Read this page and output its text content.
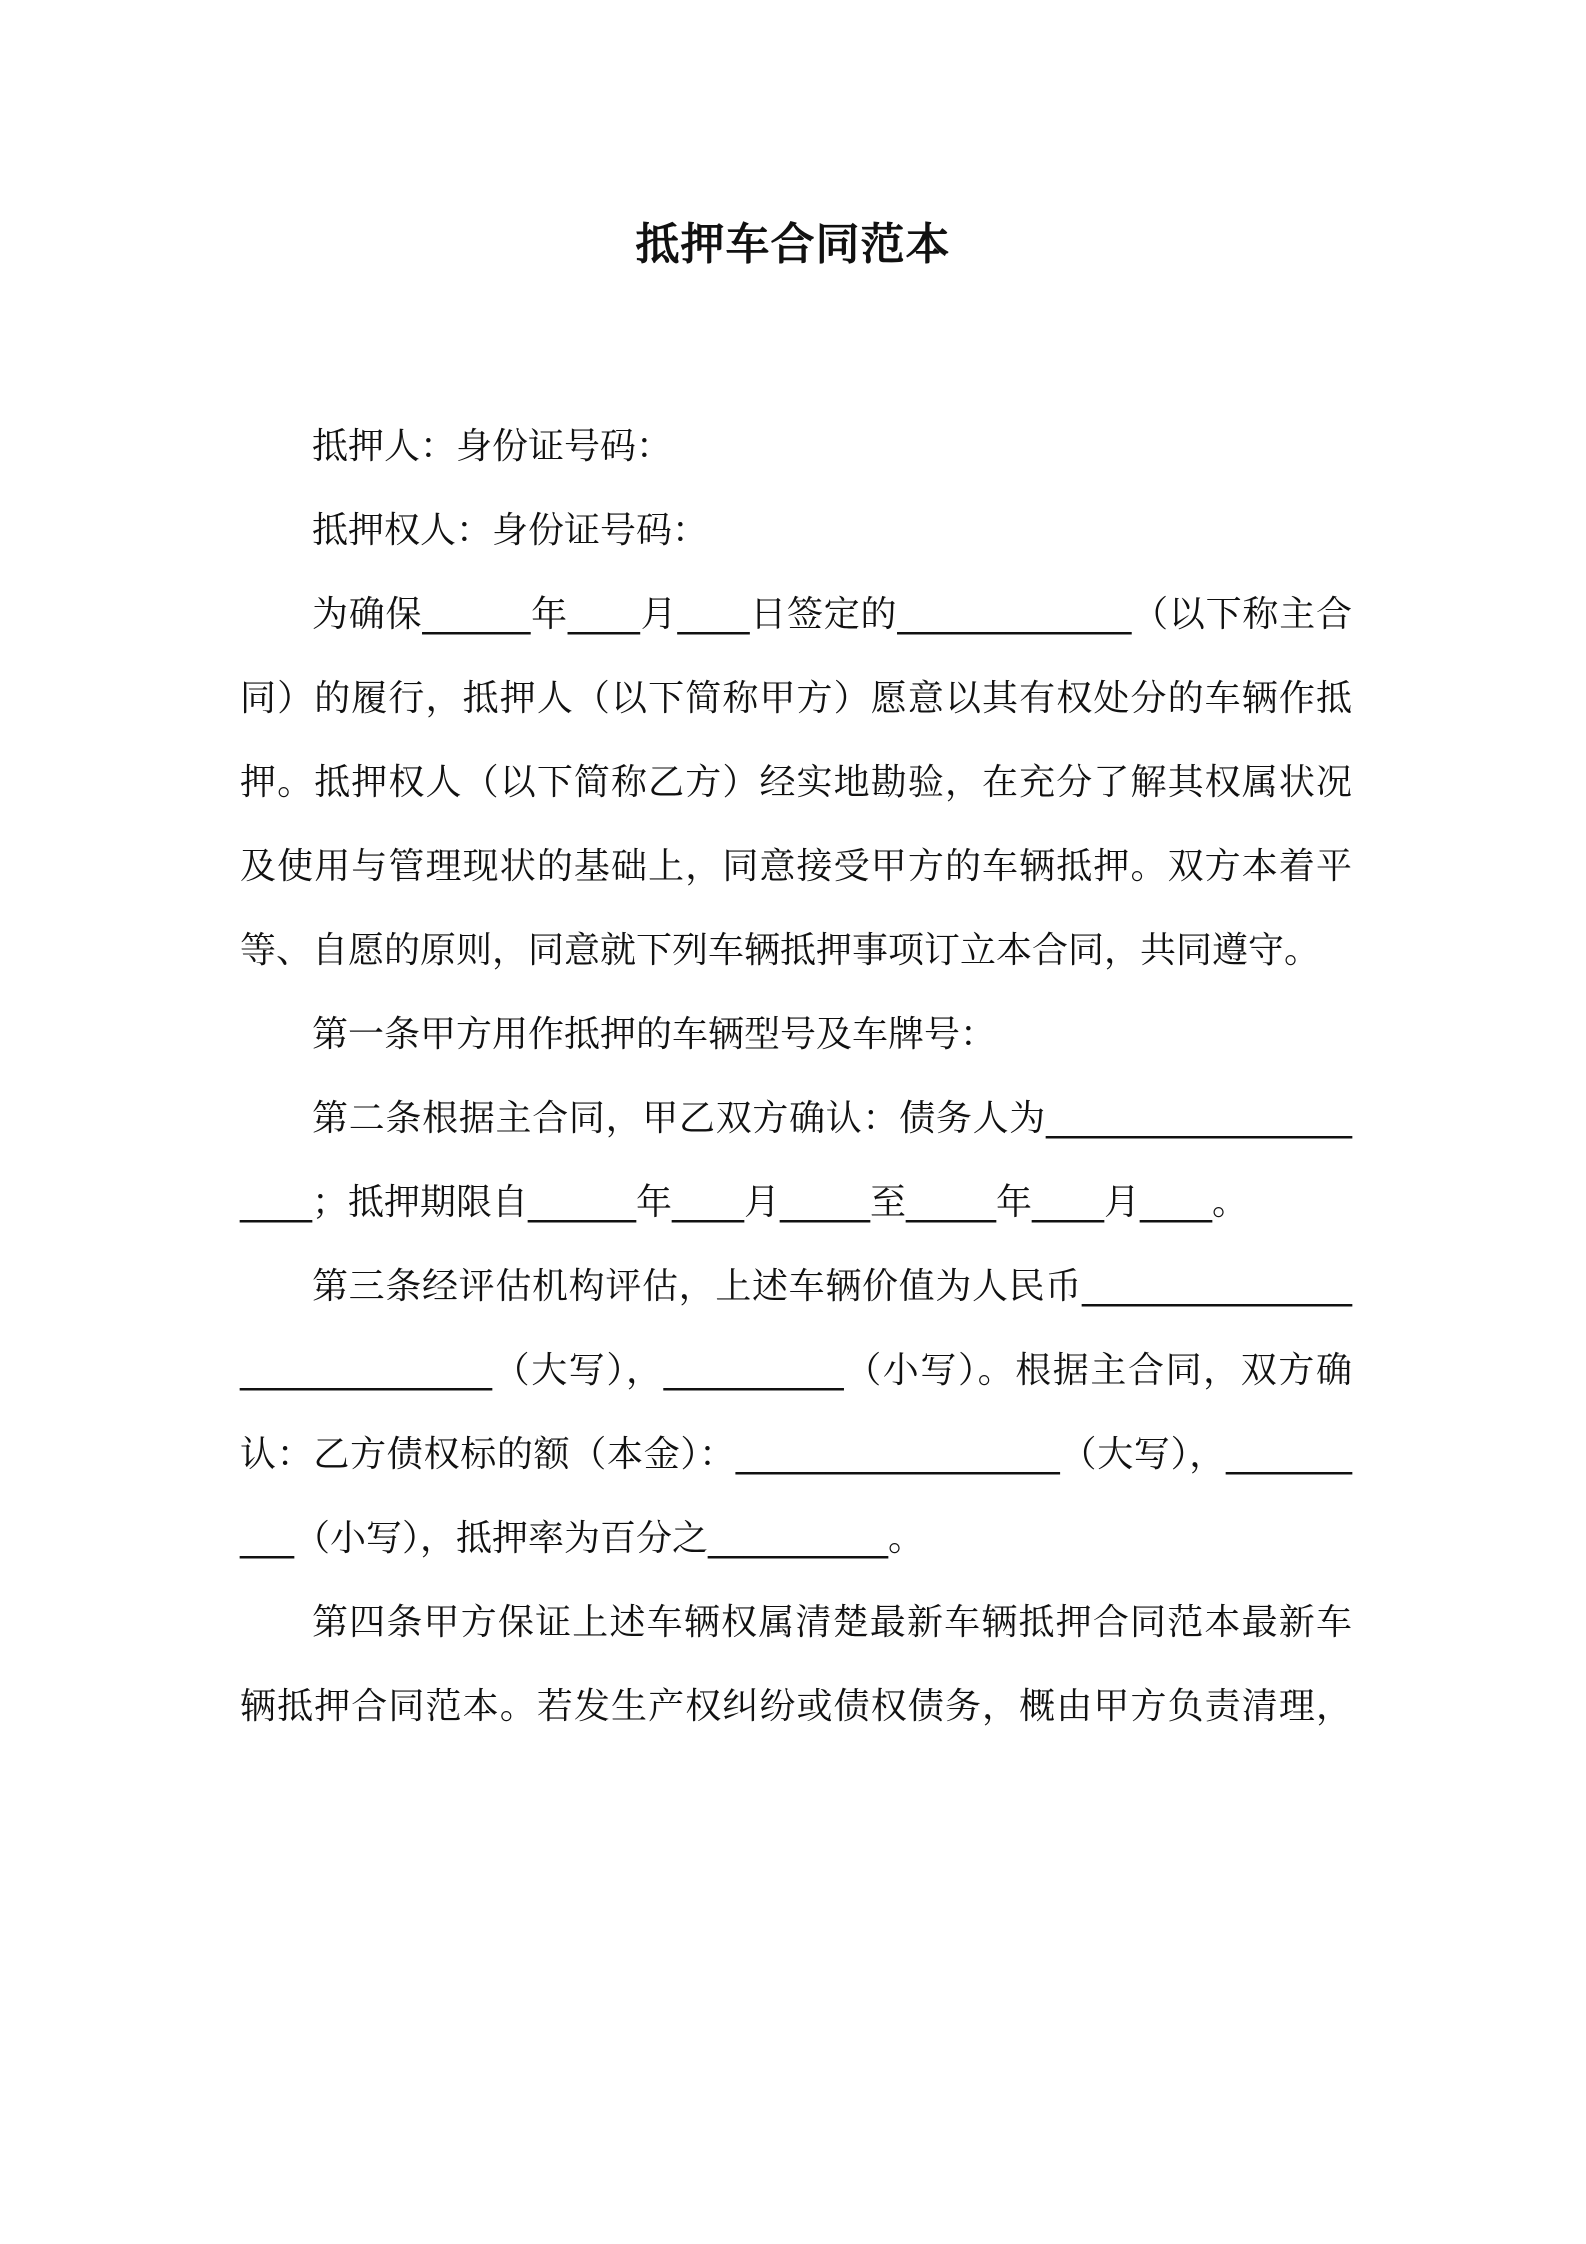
抵押车合同范本

抵押人：身份证号码：

抵押权人：身份证号码：

为确保______年____月____日签定的_____________（以下称主合同）的履行，抵押人（以下简称甲方）愿意以其有权处分的车辆作抵押。抵押权人（以下简称乙方）经实地勘验，在充分了解其权属状况及使用与管理现状的基础上，同意接受甲方的车辆抵押。双方本着平等、自愿的原则，同意就下列车辆抵押事项订立本合同，共同遵守。

第一条甲方用作抵押的车辆型号及车牌号：

第二条根据主合同，甲乙双方确认：债务人为_____________________；抵押期限自______年____月_____至_____年____月____。

第三条经评估机构评估，上述车辆价值为人民币_____________________________（大写），__________（小写）。根据主合同，双方确认：乙方债权标的额（本金）：__________________（大写），__________（小写），抵押率为百分之__________。

第四条甲方保证上述车辆权属清楚最新车辆抵押合同范本最新车辆抵押合同范本。若发生产权纠纷或债权债务，概由甲方负责清理，
